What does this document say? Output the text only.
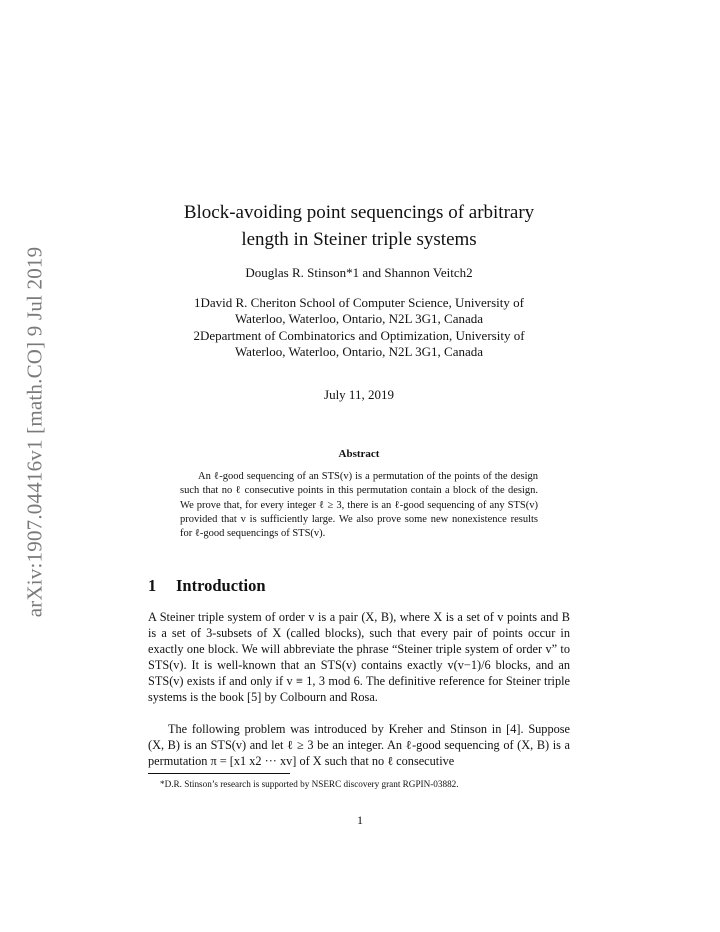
arXiv:1907.04416v1 [math.CO] 9 Jul 2019
Block-avoiding point sequencings of arbitrary
length in Steiner triple systems
Douglas R. Stinson*1 and Shannon Veitch2
1David R. Cheriton School of Computer Science, University of
Waterloo, Waterloo, Ontario, N2L 3G1, Canada
2Department of Combinatorics and Optimization, University of
Waterloo, Waterloo, Ontario, N2L 3G1, Canada
July 11, 2019
Abstract
An ℓ-good sequencing of an STS(v) is a permutation of the points of the design such that no ℓ consecutive points in this permutation contain a block of the design. We prove that, for every integer ℓ ≥ 3, there is an ℓ-good sequencing of any STS(v) provided that v is sufficiently large. We also prove some new nonexistence results for ℓ-good sequencings of STS(v).
1 Introduction
A Steiner triple system of order v is a pair (X, B), where X is a set of v points and B is a set of 3-subsets of X (called blocks), such that every pair of points occur in exactly one block. We will abbreviate the phrase “Steiner triple system of order v” to STS(v). It is well-known that an STS(v) contains exactly v(v−1)/6 blocks, and an STS(v) exists if and only if v ≡ 1, 3 mod 6. The definitive reference for Steiner triple systems is the book [5] by Colbourn and Rosa.
The following problem was introduced by Kreher and Stinson in [4]. Suppose (X, B) is an STS(v) and let ℓ ≥ 3 be an integer. An ℓ-good sequencing of (X, B) is a permutation π = [x1 x2 ··· xv] of X such that no ℓ consecutive
*D.R. Stinson’s research is supported by NSERC discovery grant RGPIN-03882.
1
